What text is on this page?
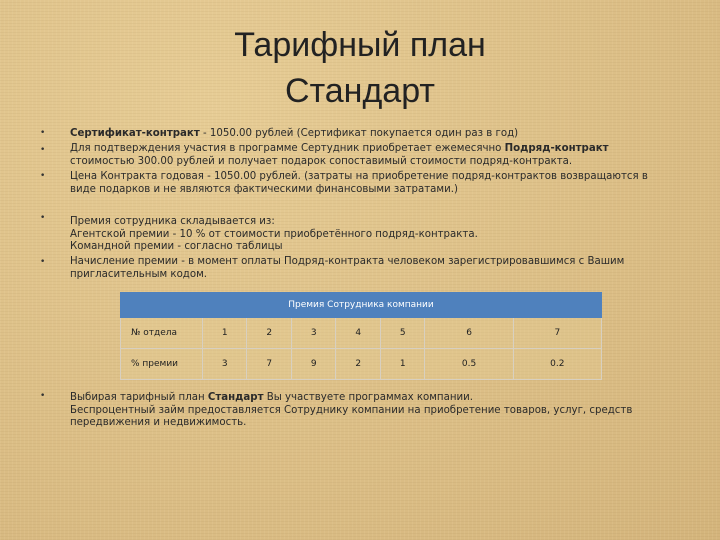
Тарифный план
Стандарт
•
•
•
•
•
•
Сертификат-контракт - 1050.00 рублей (Сертификат покупается один раз в год)
Для подтверждения участия в программе Сертудник приобретает ежемесячно Подряд-контракт
стоимостью 300.00 рублей и получает подарок сопоставимый стоимости подряд-контракта.
Цена Контракта годовая - 1050.00 рублей. (затраты на приобретение подряд-контрактов возвращаются в
виде подарков и не являются фактическими финансовыми затратами.)
Премия сотрудника складывается из:
Агентской премии - 10 % от стоимости приобретённого подряд-контракта.
Командной премии - согласно таблицы
Начисление премии - в момент оплаты Подряд-контракта человеком зарегистрировавшимся с Вашим
пригласительным кодом.
Премия Сотрудника компании							
№ отдела	1	2	3	4	5	6	7
% премии	3	7	9	2	1	0.5	0.2
Выбирая тарифный план Стандарт Вы участвуете программах компании.
Беспроцентный займ предоставляется Сотруднику компании на приобретение товаров, услуг, средств
передвижения и недвижимость.
